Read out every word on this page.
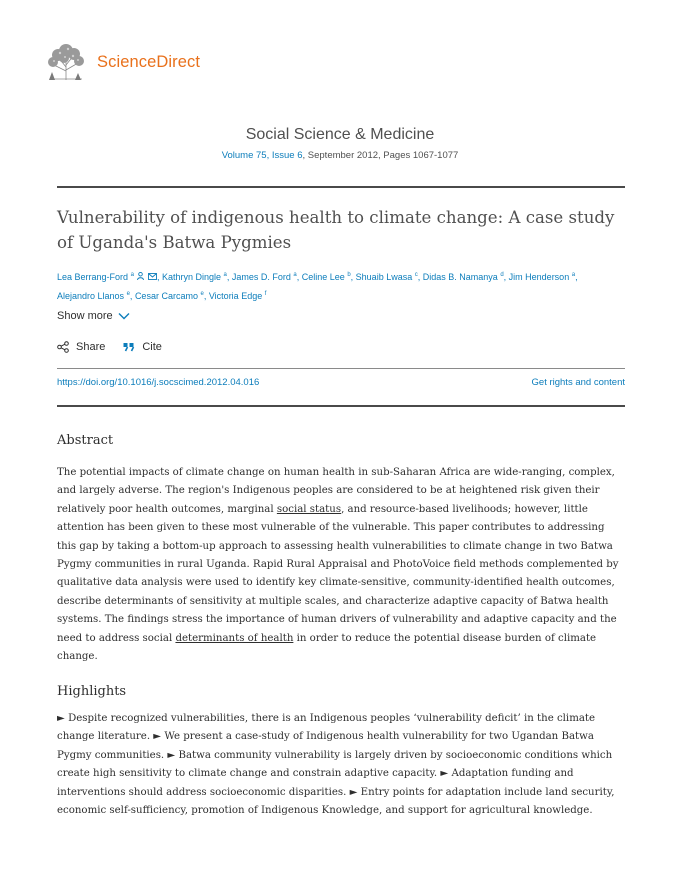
ScienceDirect
Social Science & Medicine
Volume 75, Issue 6, September 2012, Pages 1067-1077
Vulnerability of indigenous health to climate change: A case study of Uganda's Batwa Pygmies
Lea Berrang-Ford $^a$	, Kathryn Dingle $^a$, James D. Ford $^a$, Celine Lee $^b$, Shuaib Lwasa $^c$, Didas B. Namanya $^d$, Jim Henderson $^a$,
Alejandro Llanos $^e$, Cesar Carcamo $^e$, Victoria Edge $^f$
Show more
Share	Cite
https://doi.org/10.1016/j.socscimed.2012.04.016	Get rights and content
Abstract

The potential impacts of climate change on human health in sub-Saharan Africa are wide-ranging, complex, and largely adverse. The region's Indigenous peoples are considered to be at heightened risk given their relatively poor health outcomes, marginal social status, and resource-based livelihoods; however, little attention has been given to these most vulnerable of the vulnerable. This paper contributes to addressing this gap by taking a bottom-up approach to assessing health vulnerabilities to climate change in two Batwa Pygmy communities in rural Uganda. Rapid Rural Appraisal and PhotoVoice field methods complemented by qualitative data analysis were used to identify key climate-sensitive, community-identified health outcomes, describe determinants of sensitivity at multiple scales, and characterize adaptive capacity of Batwa health systems. The findings stress the importance of human drivers of vulnerability and adaptive capacity and the need to address social determinants of health in order to reduce the potential disease burden of climate change.

Highlights

► Despite recognized vulnerabilities, there is an Indigenous peoples ‘vulnerability deficit’ in the climate change literature. ► We present a case-study of Indigenous health vulnerability for two Ugandan Batwa Pygmy communities. ► Batwa community vulnerability is largely driven by socioeconomic conditions which create high sensitivity to climate change and constrain adaptive capacity. ► Adaptation funding and interventions should address socioeconomic disparities. ► Entry points for adaptation include land security, economic self-sufficiency, promotion of Indigenous Knowledge, and support for agricultural knowledge.
